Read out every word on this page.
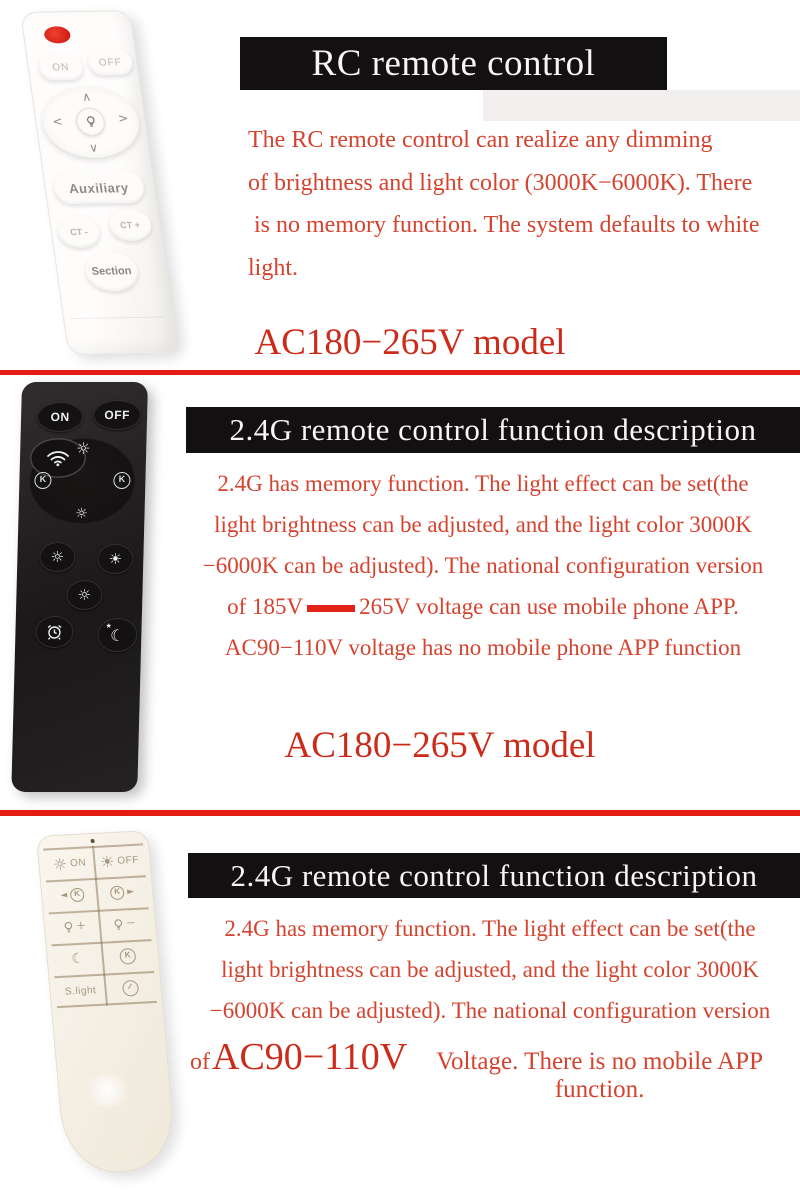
ON	OFF
∧
∨
<	>
Auxiliary
CT -
CT +
Section
RC remote control
The RC remote control can realize any dimming
of brightness and light color (3000K−6000K). There
is no memory function. The system defaults to white
light.
AC180−265V model
ON	OFF
☼
K	K
☼
☼	☀
☼
☾
★
2.4G remote control function description
2.4G has memory function. The light effect can be set(the
light brightness can be adjusted, and the light color 3000K
−6000K can be adjusted). The national configuration version
of 185V 265V voltage can use mobile phone APP.
AC90−110V voltage has no mobile phone APP function
AC180−265V model
☼ ON ☀ OFF
◄ K	K ►
+ −
☾	K
S.light
2.4G remote control function description
2.4G has memory function. The light effect can be set(the
light brightness can be adjusted, and the light color 3000K
−6000K can be adjusted). The national configuration version
of AC90−110V	Voltage. There is no mobile APP function.
